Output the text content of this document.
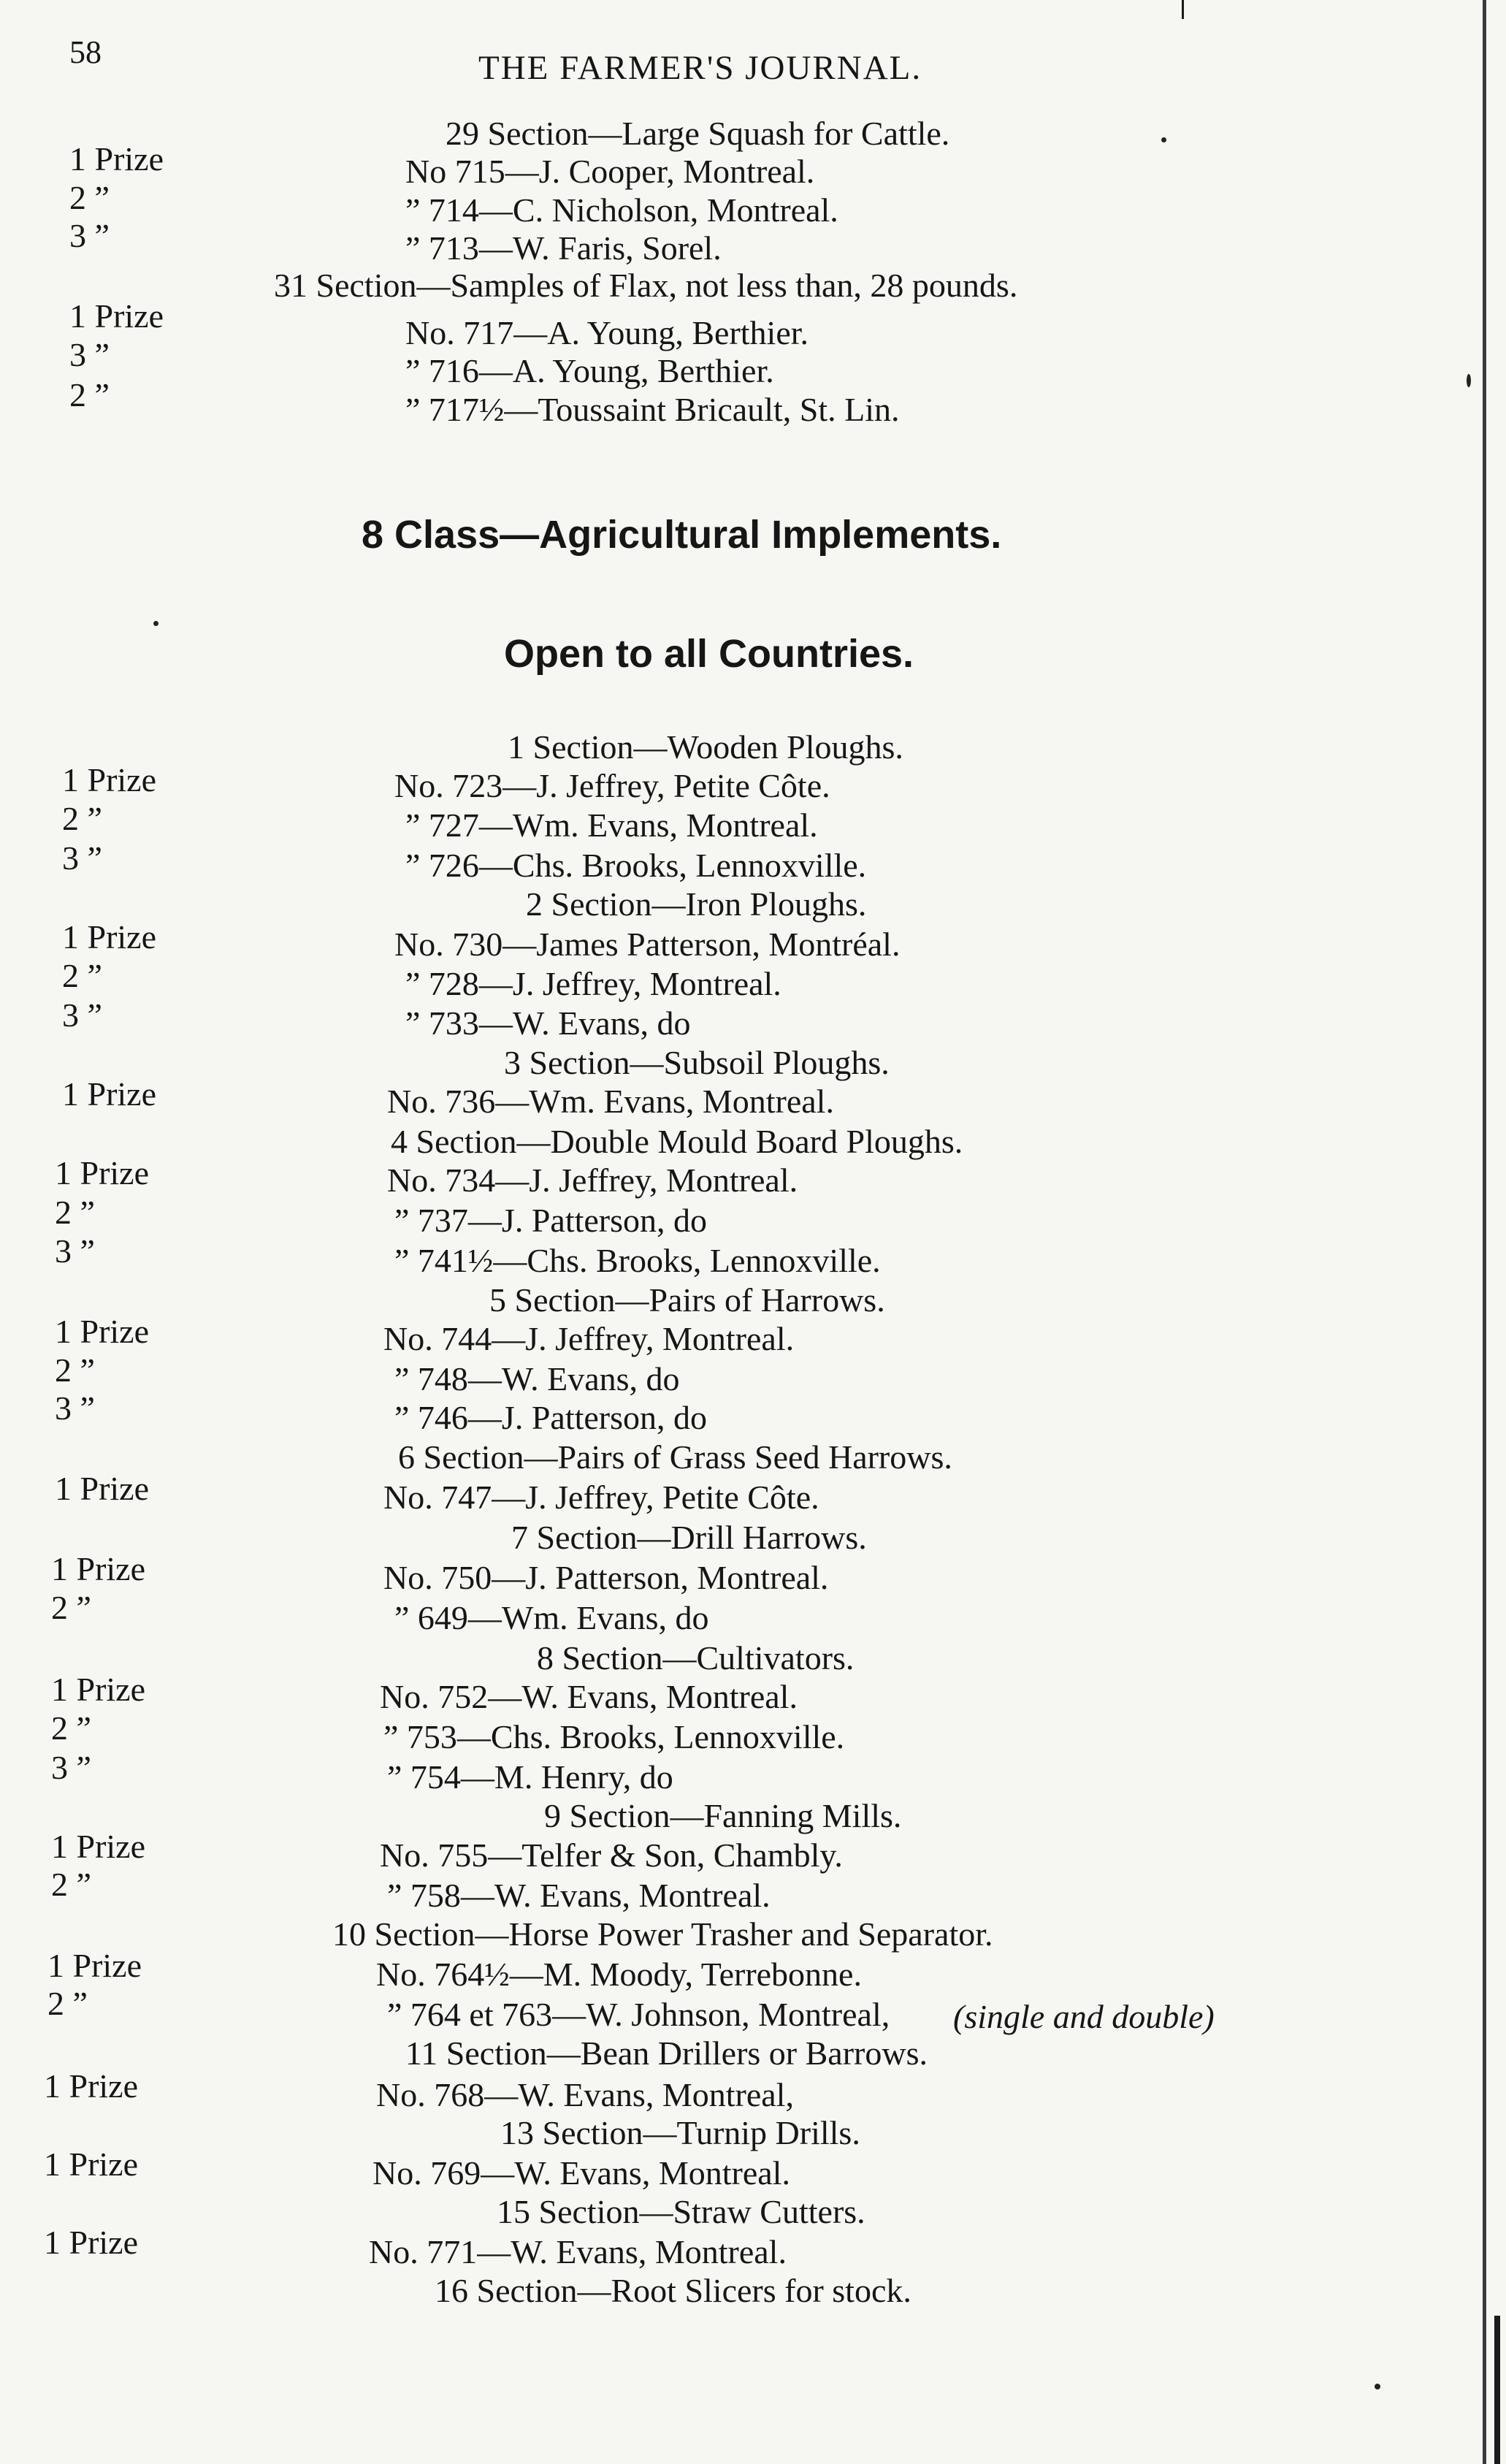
58	THE FARMER'S JOURNAL.
29 Section—Large Squash for Cattle.
1 Prize	No 715—J. Cooper, Montreal.
2 ”	” 714—C. Nicholson, Montreal.
3 ”	” 713—W. Faris, Sorel.
31 Section—Samples of Flax, not less than, 28 pounds.
1 Prize	No. 717—A. Young, Berthier.
3 ”	” 716—A. Young, Berthier.
2 ”	” 717½—Toussaint Bricault, St. Lin.
8 Class—Agricultural Implements.
Open to all Countries.
1 Section—Wooden Ploughs.
1 Prize	No. 723—J. Jeffrey, Petite Côte.
2 ”	” 727—Wm. Evans, Montreal.
3 ”	” 726—Chs. Brooks, Lennoxville.
2 Section—Iron Ploughs.
1 Prize	No. 730—James Patterson, Montréal.
2 ”	” 728—J. Jeffrey, Montreal.
3 ”	” 733—W. Evans, do
3 Section—Subsoil Ploughs.
1 Prize	No. 736—Wm. Evans, Montreal.
4 Section—Double Mould Board Ploughs.
1 Prize	No. 734—J. Jeffrey, Montreal.
2 ”	” 737—J. Patterson, do
3 ”	” 741½—Chs. Brooks, Lennoxville.
5 Section—Pairs of Harrows.
1 Prize	No. 744—J. Jeffrey, Montreal.
2 ”	” 748—W. Evans, do
3 ”	” 746—J. Patterson, do
6 Section—Pairs of Grass Seed Harrows.
1 Prize	No. 747—J. Jeffrey, Petite Côte.
7 Section—Drill Harrows.
1 Prize	No. 750—J. Patterson, Montreal.
2 ”	” 649—Wm. Evans, do
8 Section—Cultivators.
1 Prize	No. 752—W. Evans, Montreal.
2 ”	” 753—Chs. Brooks, Lennoxville.
3 ”	” 754—M. Henry, do
9 Section—Fanning Mills.
1 Prize	No. 755—Telfer & Son, Chambly.
2 ”	” 758—W. Evans, Montreal.
10 Section—Horse Power Trasher and Separator.
1 Prize	No. 764½—M. Moody, Terrebonne.
2 ”	” 764 et 763—W. Johnson, Montreal, (single and double)
11 Section—Bean Drillers or Barrows.
1 Prize	No. 768—W. Evans, Montreal,
13 Section—Turnip Drills.
1 Prize	No. 769—W. Evans, Montreal.
15 Section—Straw Cutters.
1 Prize	No. 771—W. Evans, Montreal.
16 Section—Root Slicers for stock.
